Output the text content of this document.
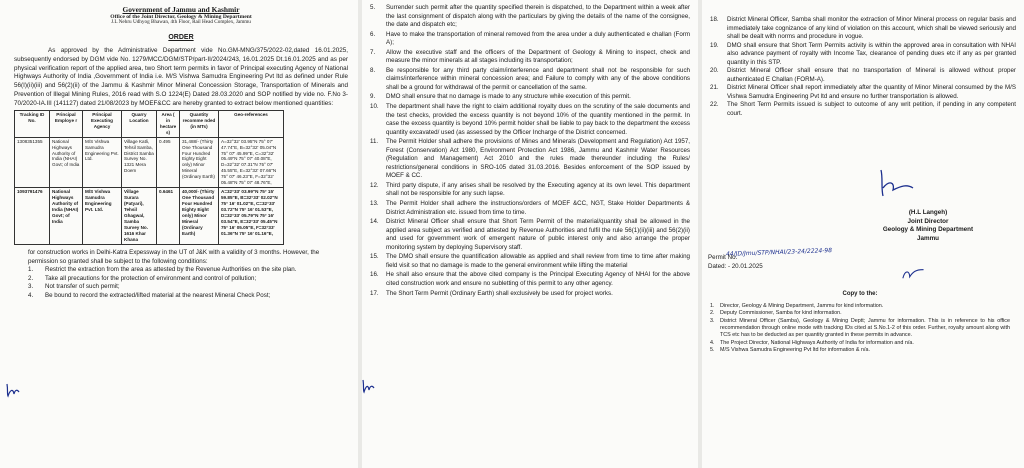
Government of Jammu and Kashmir
Office of the Joint Director, Geology & Mining Department
J.L Nehru Udhyog Bhawan, 4th Floor, Rail Head Complex, Jammu
ORDER
As approved by the Administrative Department vide No.GM-MNG/375/2022-02,dated 16.01.2025, subsequently endorsed by DGM vide No. 1279/MCC/DGM/STP/part-II/2024/243, 16.01.2025 Dt.16.01.2025 and as per physical verification report of the applied area, two Short term permits in favor of Principal executing Agency of National Highways Authority of India ,Government of India i.e. M/S Vishwa Samudra Engineering Pvt ltd as defined under Rule 56(I)(ii)(iii) and 56(2)(ii) of the Jammu & Kashmir Minor Mineral Concession Storage, Transportation of Minerals and Prevention of Illegal Mining Rules, 2016 read with S.O 1224(E) Dated 28.03.2020 and SOP notified by vide no. F.No 3-70/2020-IA.III (141127) dated 21/08/2023 by MOEF&CC are hereby granted to extract below mentioned quantities:
Tracking ID No.	Principal Employe r	Principal Executing Agency	Quarry Location	Area ( in hectare s)	Quantity recomme nded (in MTs)	Geo-references
1308351355	National Highways Authority of India (NHAI) Govt; of India	M/S Vishwa Samudra Engineering Pvt. Ltd.	Village Katli, Tehsil Samba, District Samba Survey No. 1321 Mera Doem	0.495	31,488/- (Thirty One Thousand Four Hundred Eighty Eight only) Minor Mineral (Ordinary Earth)	A=32°32' 03.95"N 75° 07' 47.74"E, B=32°32' 05.04"N 75° 07' 45.99"E, C=32°32' 05.49"N 75° 07' 40.08"E, D=32°32' 07.31"N 75° 07' 45.55"E, E=32°32' 07.66"N 75° 07' 46.23"E, F=32°32' 05.48"N 75° 07' 48.76"E,
1093791476	National Highways Authority of India (NHAI) Govt; of India	M/S Vishwa Samudra Engineering Pvt. Ltd.	Village Surara (Patyari), Tehsil Ghagwal, Samba Survey No. 1616 Khar Khana	0.6461	40,000/- (Thirty One Thousand Four Hundred Eighty Eight only) Minor Mineral (Ordinary Earth)	A=32°33' 03.99"N 75° 15' 59.85"E, B=32°33' 02.02"N 75° 16' 01.02"E, C=32°33' 03.72"N 75° 16' 01.53"E, D=32°33' 05.79"N 75° 16' 03.54"E, E=32°33' 05.45"N 75° 16' 05.05"E, F=32°33' 01.36"N 75° 16' 01.16"E,
for construction works in Delhi-Katra Expessway in the UT of J&K with a validity of 3 months. However, the permission so granted shall be subject to the following conditions:
1.	Restrict the extraction from the area as attested by the Revenue Authorities on the site plan.
2.	Take all precautions for the protection of environment and control of pollution;
3.	Not transfer of such permit;
4.	Be bound to record the extracted/lifted material at the nearest Mineral Check Post;
5.	Surrender such permit after the quantity specified therein is dispatched, to the Department within a week after the last consignment of dispatch along with the particulars by giving the details of the name of the consignee, the date and dispatch etc;
6.	Have to make the transportation of mineral removed from the area under a duly authenticated e challan (Form A);
7.	Allow the executive staff and the officers of the Department of Geology & Mining to inspect, check and measure the minor minerals at all stages including its transportation;
8.	Be responsible for any third party claim/interference and department shall not be responsible for such claims/interference within mineral concession area; and Failure to comply with any of the above conditions shall be a ground for withdrawal of the permit or cancellation of the same.
9.	DMO shall ensure that no damage is made to any structure while execution of this permit.
10.	The department shall have the right to claim additional royalty dues on the scrutiny of the sale documents and the test checks, provided the excess quantity is not beyond 10% of the quantity mentioned in the permit. In case the excess quantity is beyond 10% permit holder shall be liable to pay back to the department the excess quantity excavated/ used (as assessed by the Officer Incharge of the District concerned.
11.	The Permit Holder shall adhere the provisions of Mines and Minerals (Development and Regulation) Act 1957, Forest (Conservation) Act 1980, Environment Protection Act 1986, Jammu and Kashmir Water Resources (Regulation and Management) Act 2010 and the rules made thereunder including the Rules/ restrictions/general conditions in SRO-105 dated 31.03.2016. Besides enforcement of the SOP issued by MOEF & CC.
12.	Third party dispute, if any arises shall be resolved by the Executing agency at its own level. This department shall not be responsible for any such lapse.
13.	The Permit Holder shall adhere the instructions/orders of MOEF &CC, NGT, Stake Holder Departments & District Administration etc. issued from time to time.
14.	District Mineral Officer shall ensure that Short Term Permit of the material/quantity shall be allowed in the applied area subject as verified and attested by Revenue Authorities and fulfil the rule 56(1)(ii)(iii) and 56(2)(ii) and used for government work of emergent nature of public interest only and also arrange the proper monitoring system by deploying Supervisory staff.
15.	The DMO shall ensure the quantification allowable as applied and shall review from time to time after making field visit so that no damage is made to the general environment while lifting the material
16.	He shall also ensure that the above cited company is the Principal Executing Agency of NHAI for the above cited construction work and ensure no subletting of this permit to any other agency.
17.	The Short Term Permit (Ordinary Earth) shall exclusively be used for project works.
18.	District Mineral Officer, Samba shall monitor the extraction of Minor Mineral process on regular basis and immediately take cognizance of any kind of violation on this account, which shall be viewed seriously and shall be dealt with norms and procedure in vogue.
19.	DMO shall ensure that Short Term Permits activity is within the approved area in consultation with NHAI also advance payment of royalty with Income Tax, clearance of pending dues etc if any as per granted quantity in this STP.
20.	District Mineral Officer shall ensure that no transportation of Mineral is allowed without proper authenticated E Challan (FORM-A).
21.	District Mineral Officer shall report immediately after the quantity of Minor Mineral consumed by the M/S Vishwa Samudra Engineering Pvt ltd and ensure no further transportation is allowed.
22.	The Short Term Permits issued is subject to outcome of any writ petition, if pending in any competent court.
(H.L Langeh)
Joint Director
Geology & Mining Department
Jammu
44/JD/Jmu/STP/NHAI/23-24/2224-98
Permit No.
Dated: - 20.01.2025
Copy to the:
1.	Director, Geology & Mining Department, Jammu for kind information.
2.	Deputy Commissioner, Samba for kind information.
3.	District Mineral Officer (Samba), Geology & Mining Deptt; Jammu for information. This is in reference to his office recommendation through online mode with tracking IDs cited at S.No.1-2 of this order. Further, royalty amount along with TCS etc has to be deducted as per quantity granted in these permits in advance.
4.	The Project Director, National Highways Authority of India for information and n/a.
5.	M/S Vishwa Samudra Engineering Pvt ltd for information & n/a.
